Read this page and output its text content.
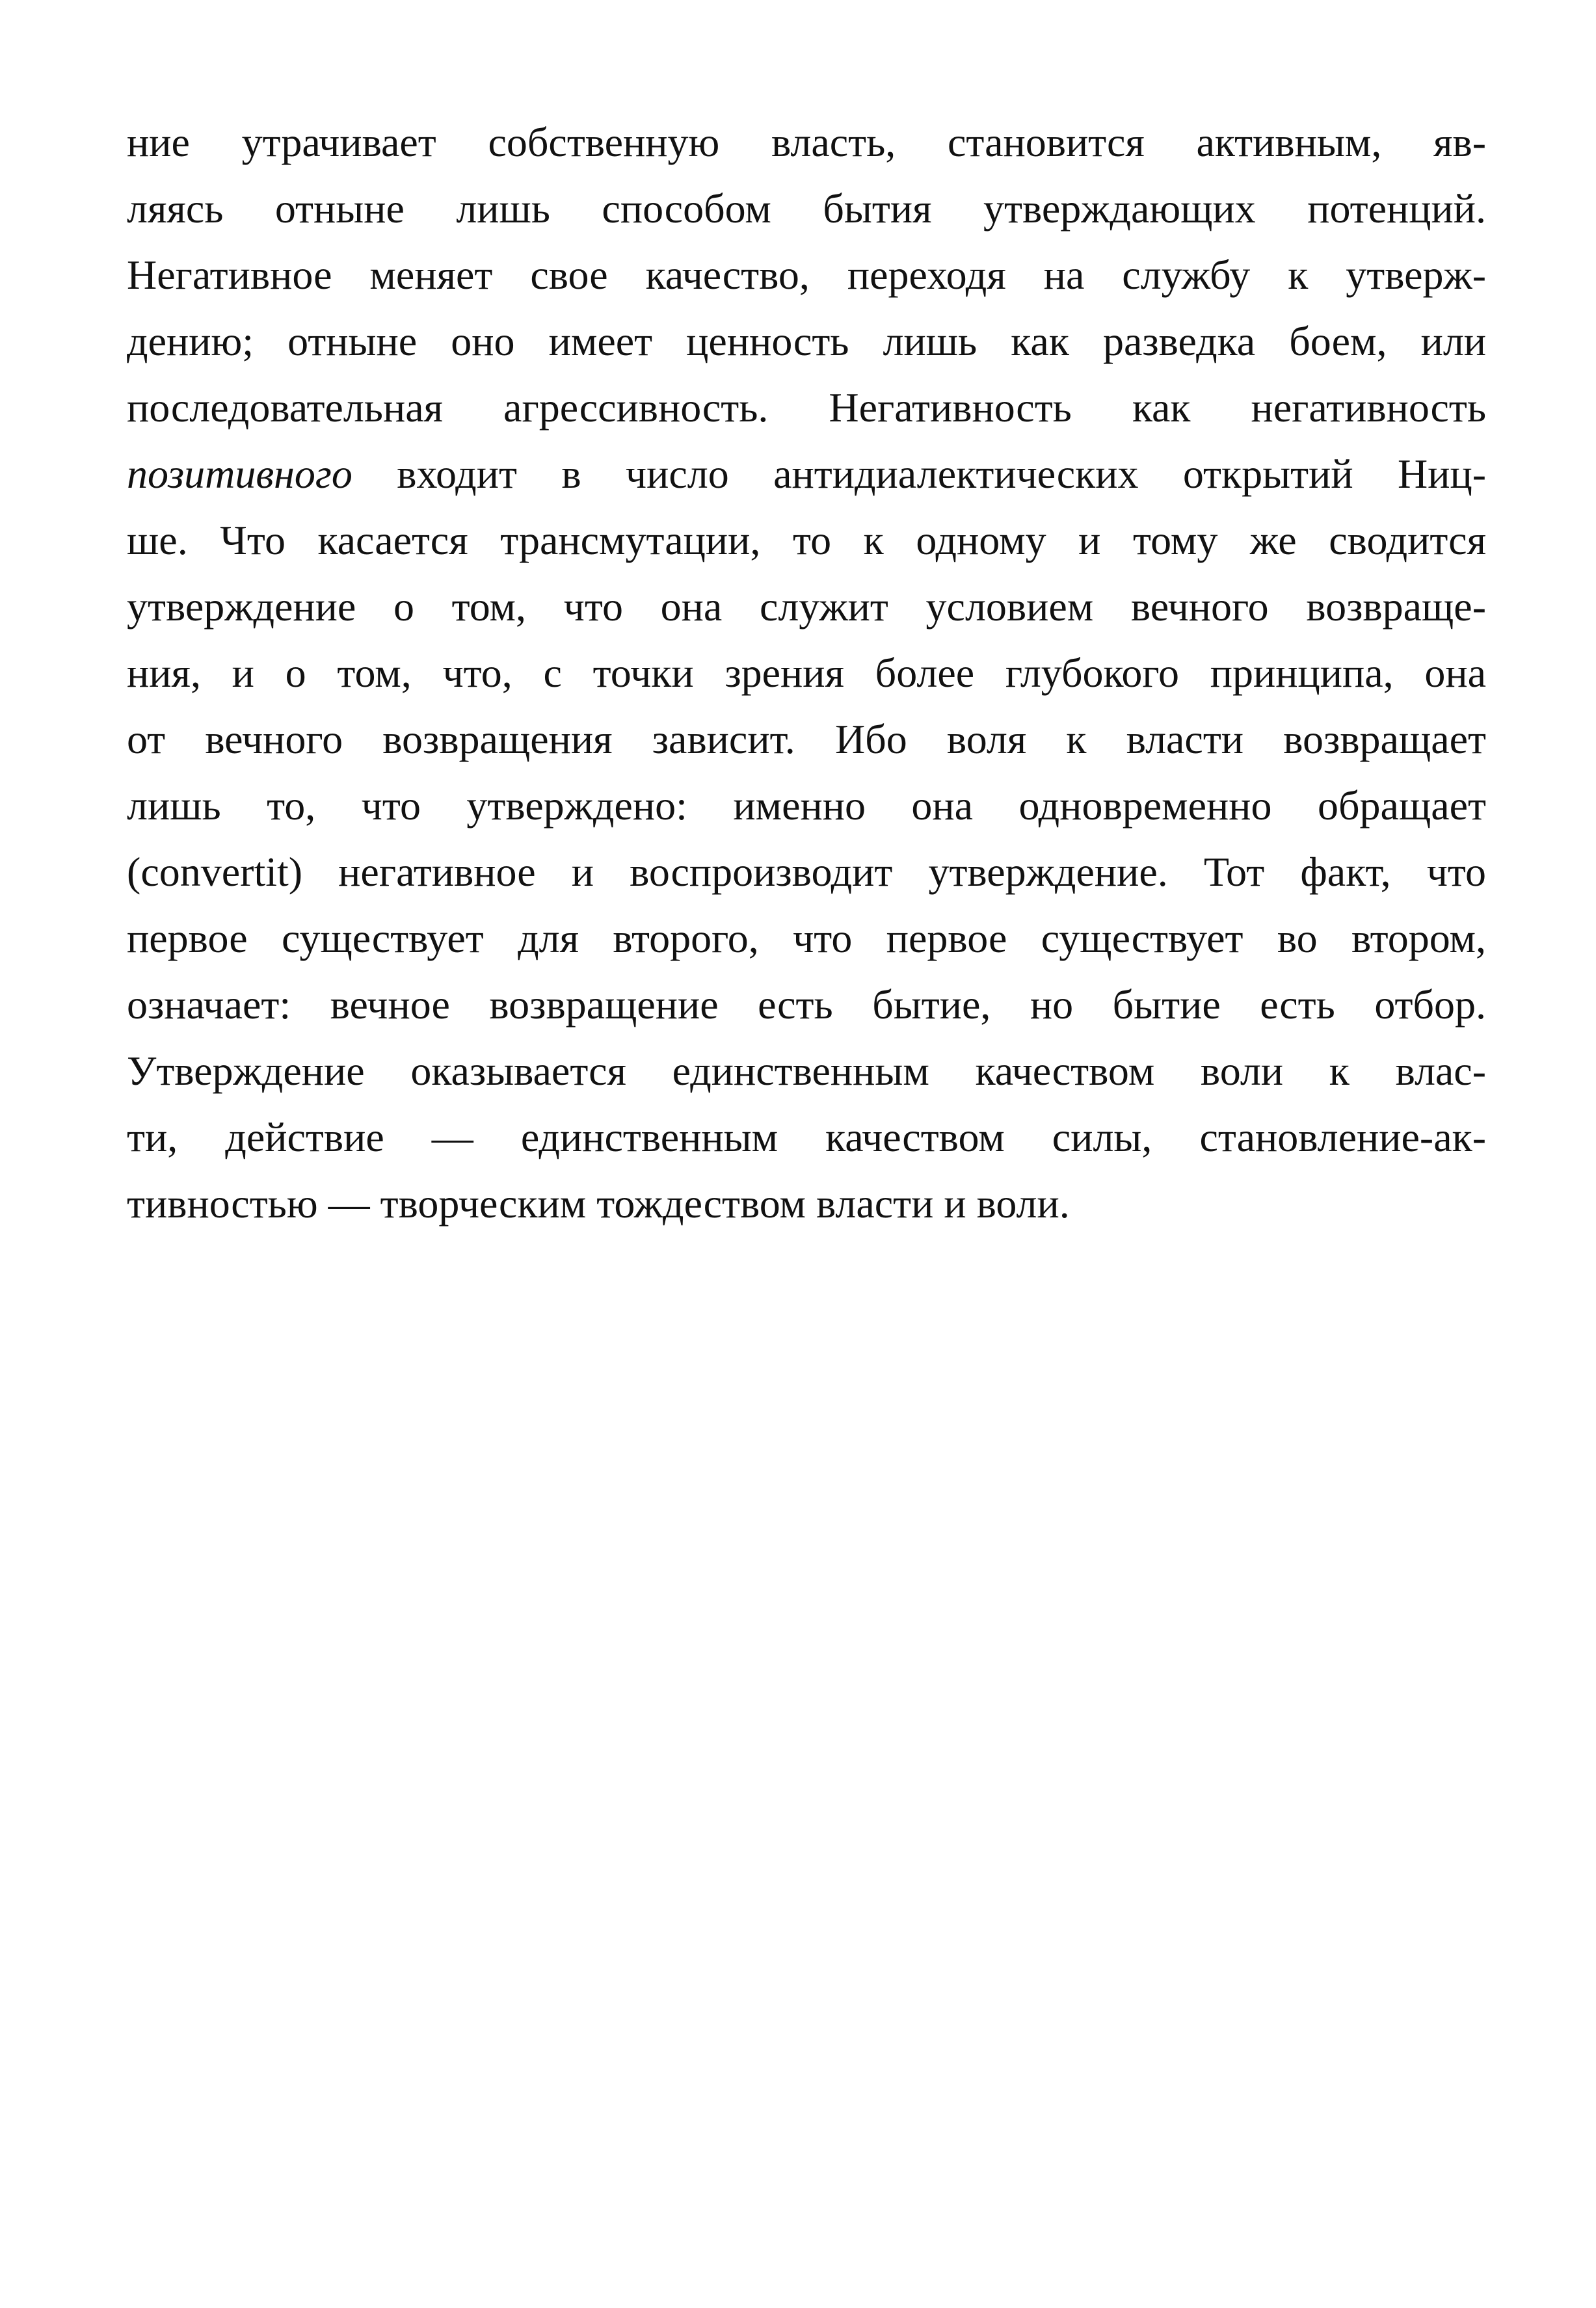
ние утрачивает собственную власть, становится активным, яв-
ляясь отныне лишь способом бытия утверждающих потенций.
Негативное меняет свое качество, переходя на службу к утверж-
дению; отныне оно имеет ценность лишь как разведка боем, или
последовательная агрессивность. Негативность как негативность
позитивного входит в число антидиалектических открытий Ниц-
ше. Что касается трансмутации, то к одному и тому же сводится
утверждение о том, что она служит условием вечного возвраще-
ния, и о том, что, с точки зрения более глубокого принципа, она
от вечного возвращения зависит. Ибо воля к власти возвращает
лишь то, что утверждено: именно она одновременно обращает
(convertit) негативное и воспроизводит утверждение. Тот факт, что
первое существует для второго, что первое существует во втором,
означает: вечное возвращение есть бытие, но бытие есть отбор.
Утверждение оказывается единственным качеством воли к влас-
ти, действие — единственным качеством силы, становление-ак-
тивностью — творческим тождеством власти и воли.
